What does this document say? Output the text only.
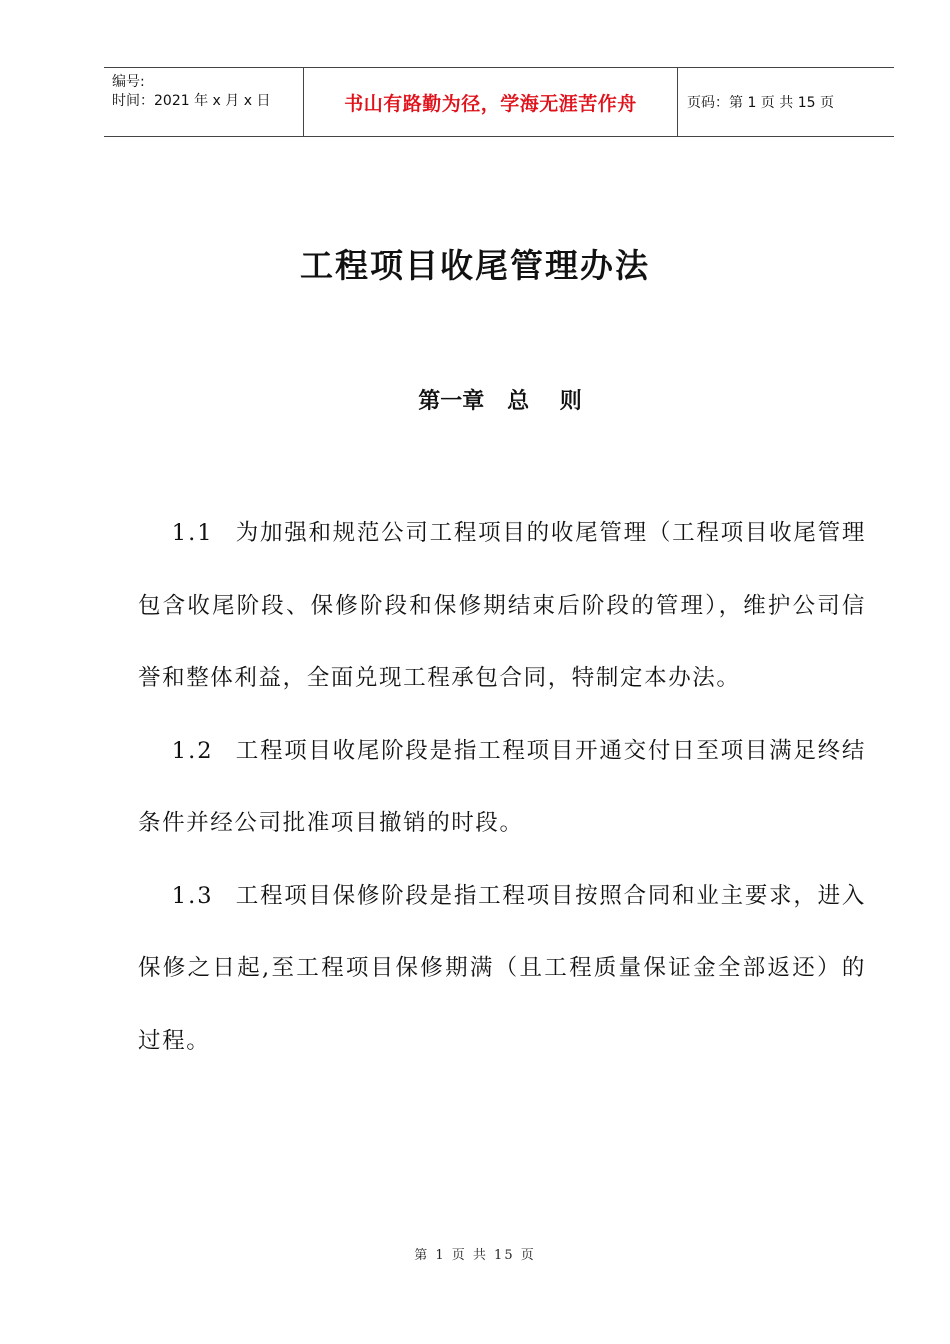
编号:
时间：2021 年 x 月 x 日	书山有路勤为径，学海无涯苦作舟	页码：第 1 页 共 15 页
工程项目收尾管理办法
第一章   总    则

1.1 为加强和规范公司工程项目的收尾管理（工程项目收尾管理包含收尾阶段、保修阶段和保修期结束后阶段的管理），维护公司信誉和整体利益，全面兑现工程承包合同，特制定本办法。

1.2 工程项目收尾阶段是指工程项目开通交付日至项目满足终结条件并经公司批准项目撤销的时段。

1.3 工程项目保修阶段是指工程项目按照合同和业主要求，进入保修之日起,至工程项目保修期满（且工程质量保证金全部返还）的过程。

第 1 页 共 15 页
